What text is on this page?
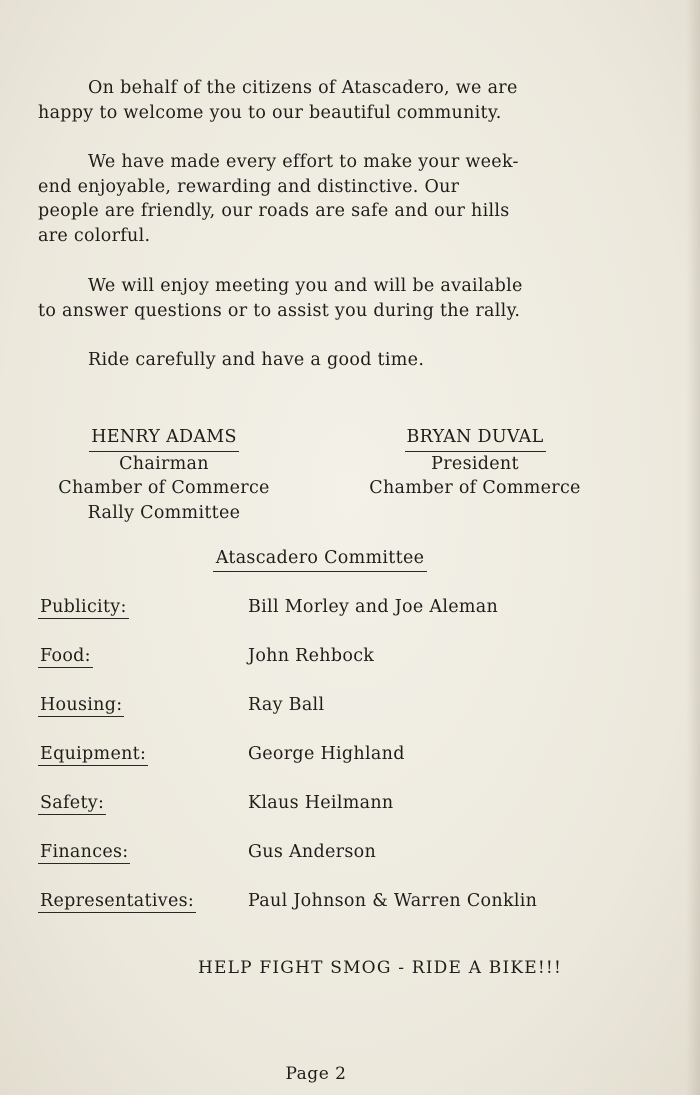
On behalf of the citizens of Atascadero, we are
happy to welcome you to our beautiful community.

We have made every effort to make your week-
end enjoyable, rewarding and distinctive. Our
people are friendly, our roads are safe and our hills
are colorful.

We will enjoy meeting you and will be available
to answer questions or to assist you during the rally.

Ride carefully and have a good time.

HENRY ADAMS
Chairman
Chamber of Commerce
Rally Committee
BRYAN DUVAL
President
Chamber of Commerce
Atascadero Committee
Publicity:	Bill Morley and Joe Aleman
Food:	John Rehbock
Housing:	Ray Ball
Equipment:	George Highland
Safety:	Klaus Heilmann
Finances:	Gus Anderson
Representatives:	Paul Johnson & Warren Conklin
HELP FIGHT SMOG - RIDE A BIKE!!!
Page 2
